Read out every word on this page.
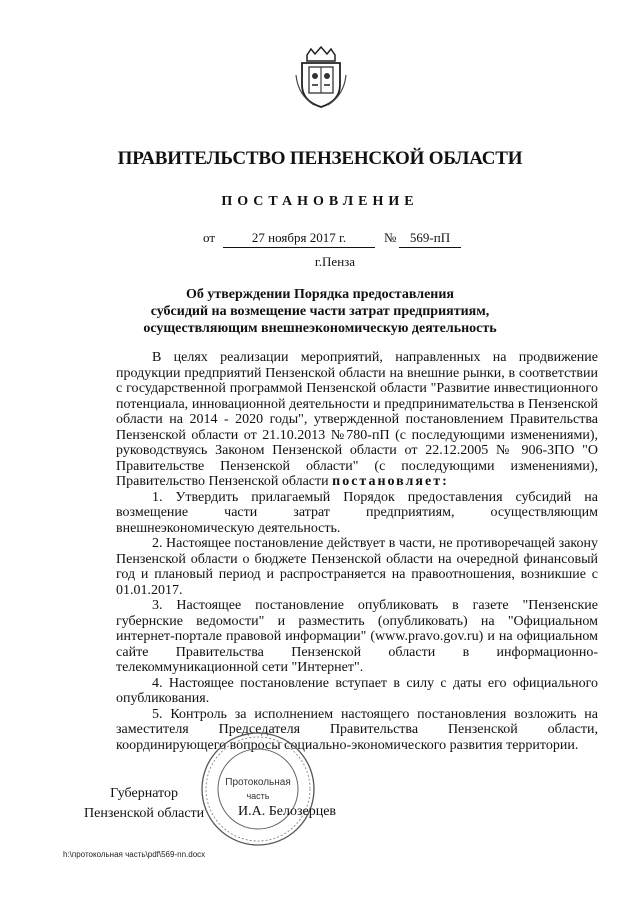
ПРАВИТЕЛЬСТВО ПЕНЗЕНСКОЙ ОБЛАСТИ
ПОСТАНОВЛЕНИЕ
от	27 ноября 2017 г.	№	569-пП
г.Пенза
Об утверждении Порядка предоставления
субсидий на возмещение части затрат предприятиям,
осуществляющим внешнеэкономическую деятельность

В целях реализации мероприятий, направленных на продвижение продукции предприятий Пензенской области на внешние рынки, в соответствии с государственной программой Пензенской области "Развитие инвестиционного потенциала, инновационной деятельности и предпринимательства в Пензенской области на 2014 - 2020 годы", утвержденной постановлением Правительства Пензенской области от 21.10.2013 №780-пП (с последующими изменениями), руководствуясь Законом Пензенской области от 22.12.2005 № 906-ЗПО "О Правительстве Пензенской области" (с последующими изменениями), Правительство Пензенской области постановляет:

1. Утвердить прилагаемый Порядок предоставления субсидий на возмещение части затрат предприятиям, осуществляющим внешнеэкономическую деятельность.

2. Настоящее постановление действует в части, не противоречащей закону Пензенской области о бюджете Пензенской области на очередной финансовый год и плановый период и распространяется на правоотношения, возникшие с 01.01.2017.

3. Настоящее постановление опубликовать в газете "Пензенские губернские ведомости" и разместить (опубликовать) на "Официальном интернет-портале правовой информации" (www.pravo.gov.ru) и на официальном сайте Правительства Пензенской области в информационно-телекоммуникационной сети "Интернет".

4. Настоящее постановление вступает в силу с даты его официального опубликования.

5. Контроль за исполнением настоящего постановления возложить на заместителя Председателя Правительства Пензенской области, координирующего вопросы социально-экономического развития территории.

Протокольная
часть
Губернатор
Пензенской области И.А. Белозерцев
h:\протокольная часть\pdf\569-nn.docx
